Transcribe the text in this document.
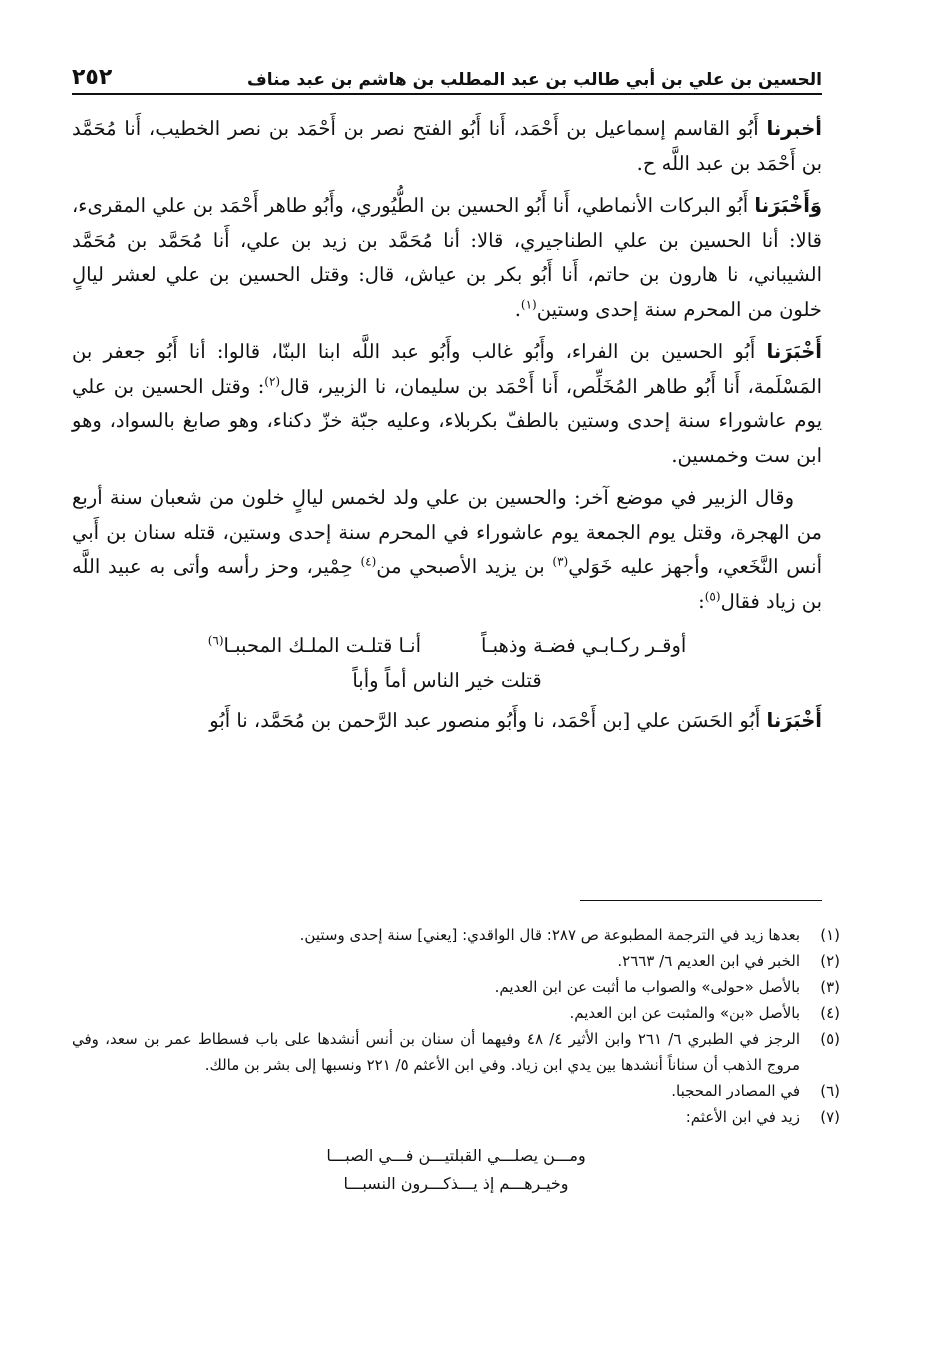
الحسين بن علي بن أبي طالب بن عبد المطلب بن هاشم بن عبد مناف
٢٥٢

أخبرنا أَبُو القاسم إسماعيل بن أَحْمَد، أَنا أَبُو الفتح نصر بن أَحْمَد بن نصر الخطيب، أَنا مُحَمَّد بن أَحْمَد بن عبد اللَّه ح.

وَأَخْبَرَنا أَبُو البركات الأنماطي، أَنا أَبُو الحسين بن الطُّيُوري، وأَبُو طاهر أَحْمَد بن علي المقرىء، قالا: أنا الحسين بن علي الطناجيري، قالا: أنا مُحَمَّد بن زيد بن علي، أَنا مُحَمَّد بن مُحَمَّد الشيباني، نا هارون بن حاتم، أَنا أَبُو بكر بن عياش، قال: وقتل الحسين بن علي لعشر ليالٍ خلون من المحرم سنة إحدى وستين$^{(١)}$.

أَخْبَرَنا أَبُو الحسين بن الفراء، وأَبُو غالب وأَبُو عبد اللَّه ابنا البنّا، قالوا: أنا أَبُو جعفر بن المَسْلَمة، أَنا أَبُو طاهر المُخَلِّص، أَنا أَحْمَد بن سليمان، نا الزبير، قال$^{(٢)}$: وقتل الحسين بن علي يوم عاشوراء سنة إحدى وستين بالطفّ بكربلاء، وعليه جبّة خزّ دكناء، وهو صابغ بالسواد، وهو ابن ست وخمسين.

وقال الزبير في موضع آخر: والحسين بن علي ولد لخمس ليالٍ خلون من شعبان سنة أربع من الهجرة، وقتل يوم الجمعة يوم عاشوراء في المحرم سنة إحدى وستين، قتله سنان بن أَبي أنس النَّخَعي، وأجهز عليه خَوَلي$^{(٣)}$ بن يزيد الأصبحي من$^{(٤)}$ حِمْير، وحز رأسه وأتى به عبيد اللَّه بن زياد فقال$^{(٥)}$:

أوقـر ركـابـي فضـة وذهبـاً
أنـا قتلـت الملـك المحببـا$^{(٦)}$
قتلت خير الناس أماً وأباً

أَخْبَرَنا أَبُو الحَسَن علي [بن أَحْمَد، نا وأَبُو منصور عبد الرَّحمن بن مُحَمَّد، نا أَبُو

(١)
بعدها زيد في الترجمة المطبوعة ص ٢٨٧: قال الواقدي: [يعني] سنة إحدى وستين.
(٢)
الخبر في ابن العديم ٦/ ٢٦٦٣.
(٣)
بالأصل «حولى» والصواب ما أثبت عن ابن العديم.
(٤)
بالأصل «بن» والمثبت عن ابن العديم.
(٥)
الرجز في الطبري ٦/ ٢٦١ وابن الأثير ٤/ ٤٨ وفيهما أن سنان بن أنس أنشدها على باب فسطاط عمر بن سعد، وفي مروج الذهب أن سناناً أنشدها بين يدي ابن زياد. وفي ابن الأعثم ٥/ ٢٢١ ونسبها إلى بشر بن مالك.
(٦)
في المصادر المحجبا.
(٧)
زيد في ابن الأعثم:
ومـــن يصلـــي القبلتيـــن فـــي الصبـــا
وخيـرهـــم إذ يـــذكـــرون النسبـــا
